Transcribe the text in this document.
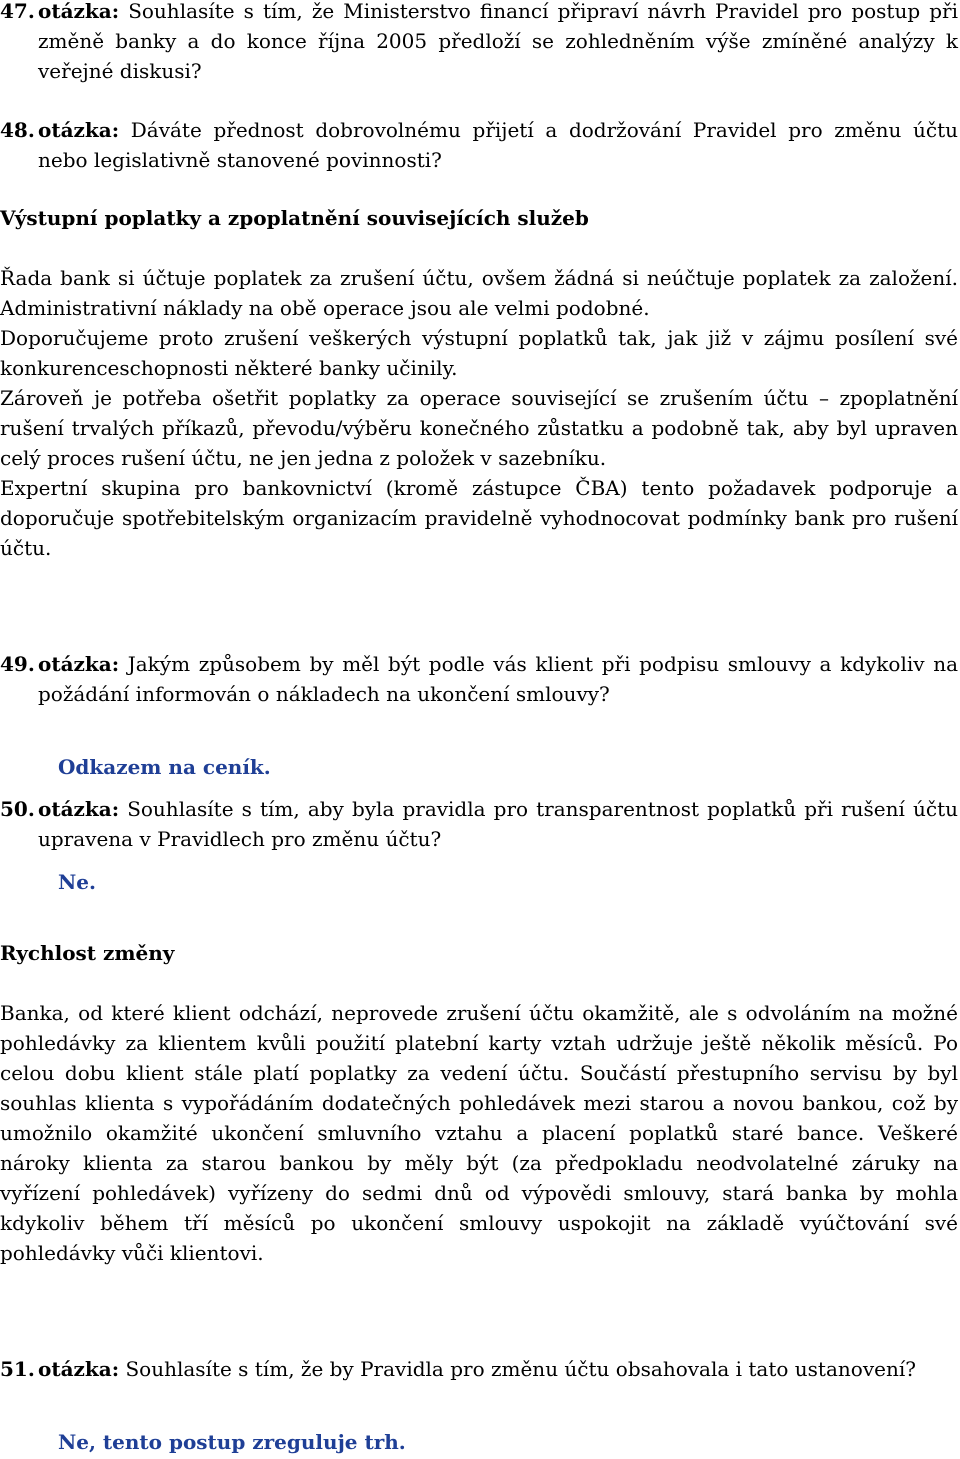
47. otázka: Souhlasíte s tím, že Ministerstvo financí připraví návrh Pravidel pro postup při změně banky a do konce října 2005 předloží se zohledněním výše zmíněné analýzy k veřejné diskusi?

48. otázka: Dáváte přednost dobrovolnému přijetí a dodržování Pravidel pro změnu účtu nebo legislativně stanovené povinnosti?

Výstupní poplatky a zpoplatnění souvisejících služeb

Řada bank si účtuje poplatek za zrušení účtu, ovšem žádná si neúčtuje poplatek za založení. Administrativní náklady na obě operace jsou ale velmi podobné.

Doporučujeme proto zrušení veškerých výstupní poplatků tak, jak již v zájmu posílení své konkurenceschopnosti některé banky učinily.

Zároveň je potřeba ošetřit poplatky za operace související se zrušením účtu – zpoplatnění rušení trvalých příkazů, převodu/výběru konečného zůstatku a podobně tak, aby byl upraven celý proces rušení účtu, ne jen jedna z položek v sazebníku.

Expertní skupina pro bankovnictví (kromě zástupce ČBA) tento požadavek podporuje a doporučuje spotřebitelským organizacím pravidelně vyhodnocovat podmínky bank pro rušení účtu.

49. otázka: Jakým způsobem by měl být podle vás klient při podpisu smlouvy a kdykoliv na požádání informován o nákladech na ukončení smlouvy?

Odkazem na ceník.

50. otázka: Souhlasíte s tím, aby byla pravidla pro transparentnost poplatků při rušení účtu upravena v Pravidlech pro změnu účtu?

Ne.

Rychlost změny

Banka, od které klient odchází, neprovede zrušení účtu okamžitě, ale s odvoláním na možné pohledávky za klientem kvůli použití platební karty vztah udržuje ještě několik měsíců. Po celou dobu klient stále platí poplatky za vedení účtu. Součástí přestupního servisu by byl souhlas klienta s vypořádáním dodatečných pohledávek mezi starou a novou bankou, což by umožnilo okamžité ukončení smluvního vztahu a placení poplatků staré bance. Veškeré nároky klienta za starou bankou by měly být (za předpokladu neodvolatelné záruky na vyřízení pohledávek) vyřízeny do sedmi dnů od výpovědi smlouvy, stará banka by mohla kdykoliv během tří měsíců po ukončení smlouvy uspokojit na základě vyúčtování své pohledávky vůči klientovi.

51. otázka: Souhlasíte s tím, že by Pravidla pro změnu účtu obsahovala i tato ustanovení?

Ne, tento postup zreguluje trh.
